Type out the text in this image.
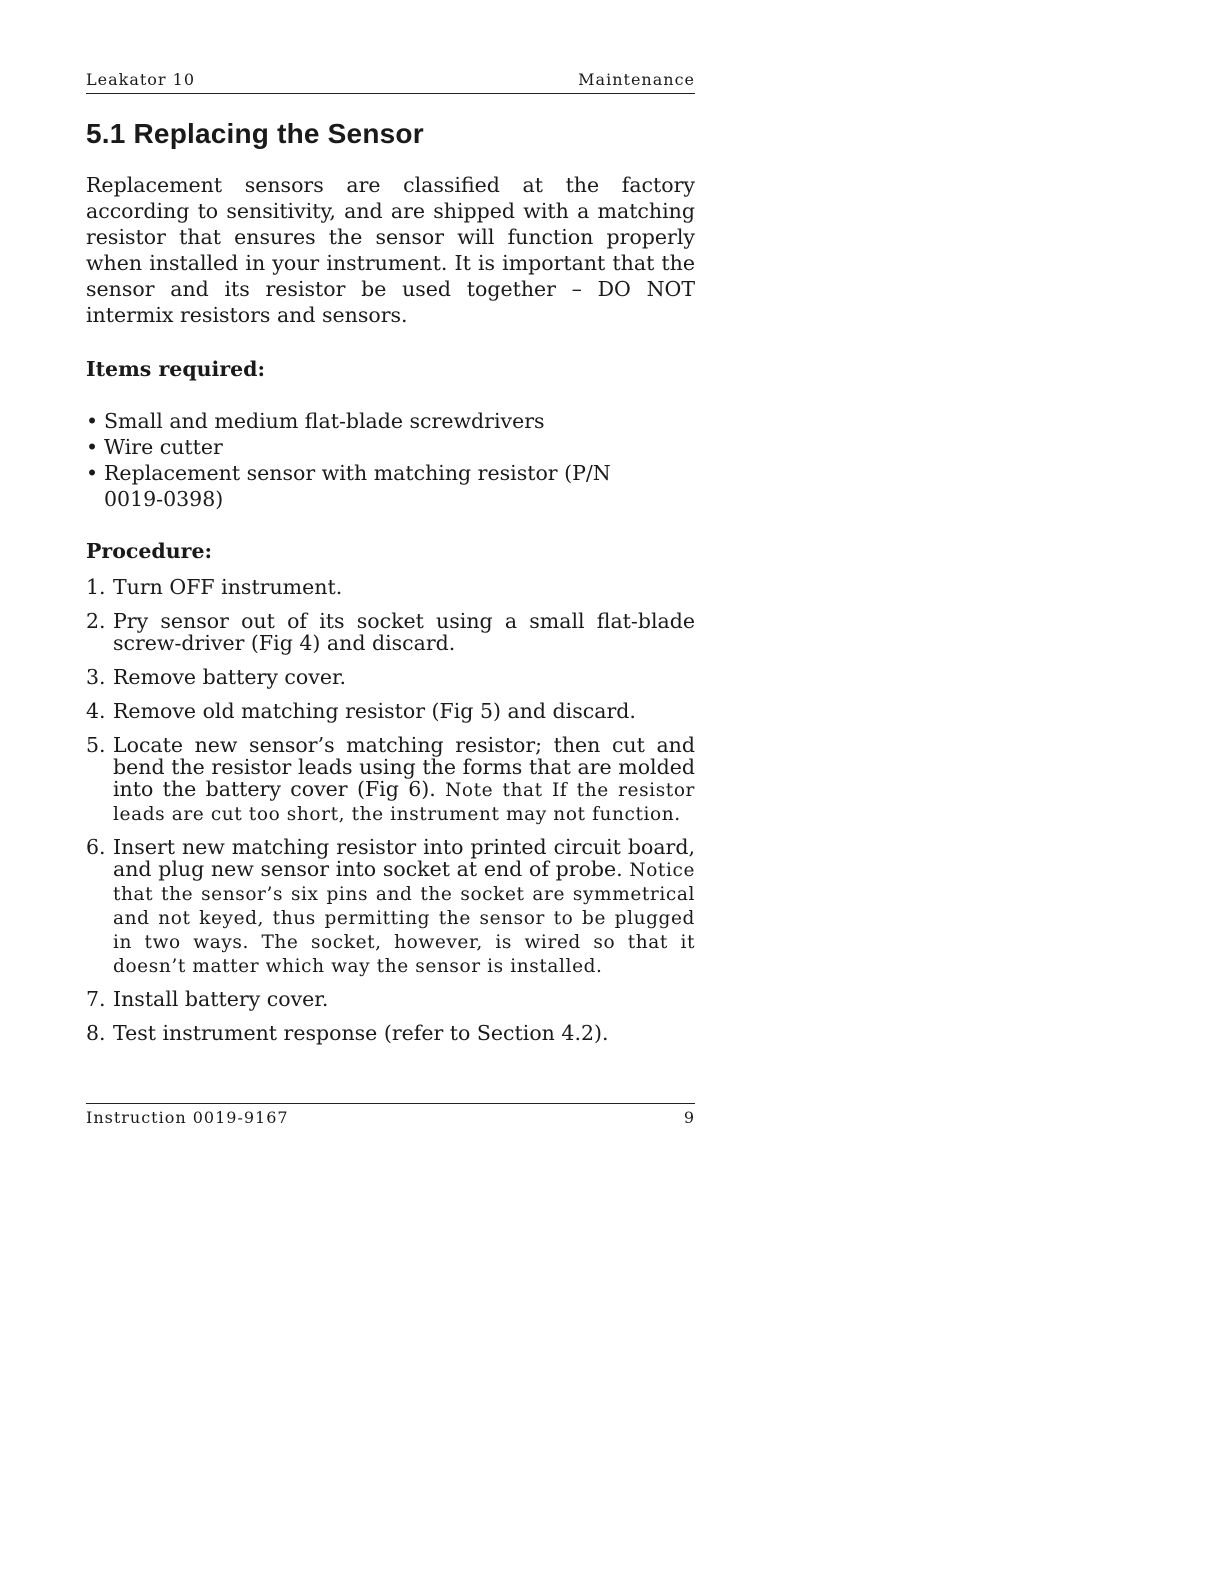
Leakator 10	Maintenance
5.1 Replacing the Sensor

Replacement sensors are classified at the factory according to sensitivity, and are shipped with a matching resistor that ensures the sensor will function properly when installed in your instrument. It is important that the sensor and its resistor be used together – DO NOT intermix resistors and sensors.

Items required:
• Small and medium flat-blade screwdrivers
• Wire cutter
• Replacement sensor with matching resistor (P/N 0019-0398)
Procedure:
1. Turn OFF instrument.
2. Pry sensor out of its socket using a small flat-blade screw-driver (Fig 4) and discard.
3. Remove battery cover.
4. Remove old matching resistor (Fig 5) and discard.
5. Locate new sensor’s matching resistor; then cut and bend the resistor leads using the forms that are molded into the battery cover (Fig 6). Note that If the resistor leads are cut too short, the instrument may not function.
6. Insert new matching resistor into printed circuit board, and plug new sensor into socket at end of probe. Notice that the sensor’s six pins and the socket are symmetrical and not keyed, thus permitting the sensor to be plugged in two ways. The socket, however, is wired so that it doesn’t matter which way the sensor is installed.
7. Install battery cover.
8. Test instrument response (refer to Section 4.2).
Instruction 0019-9167	9
